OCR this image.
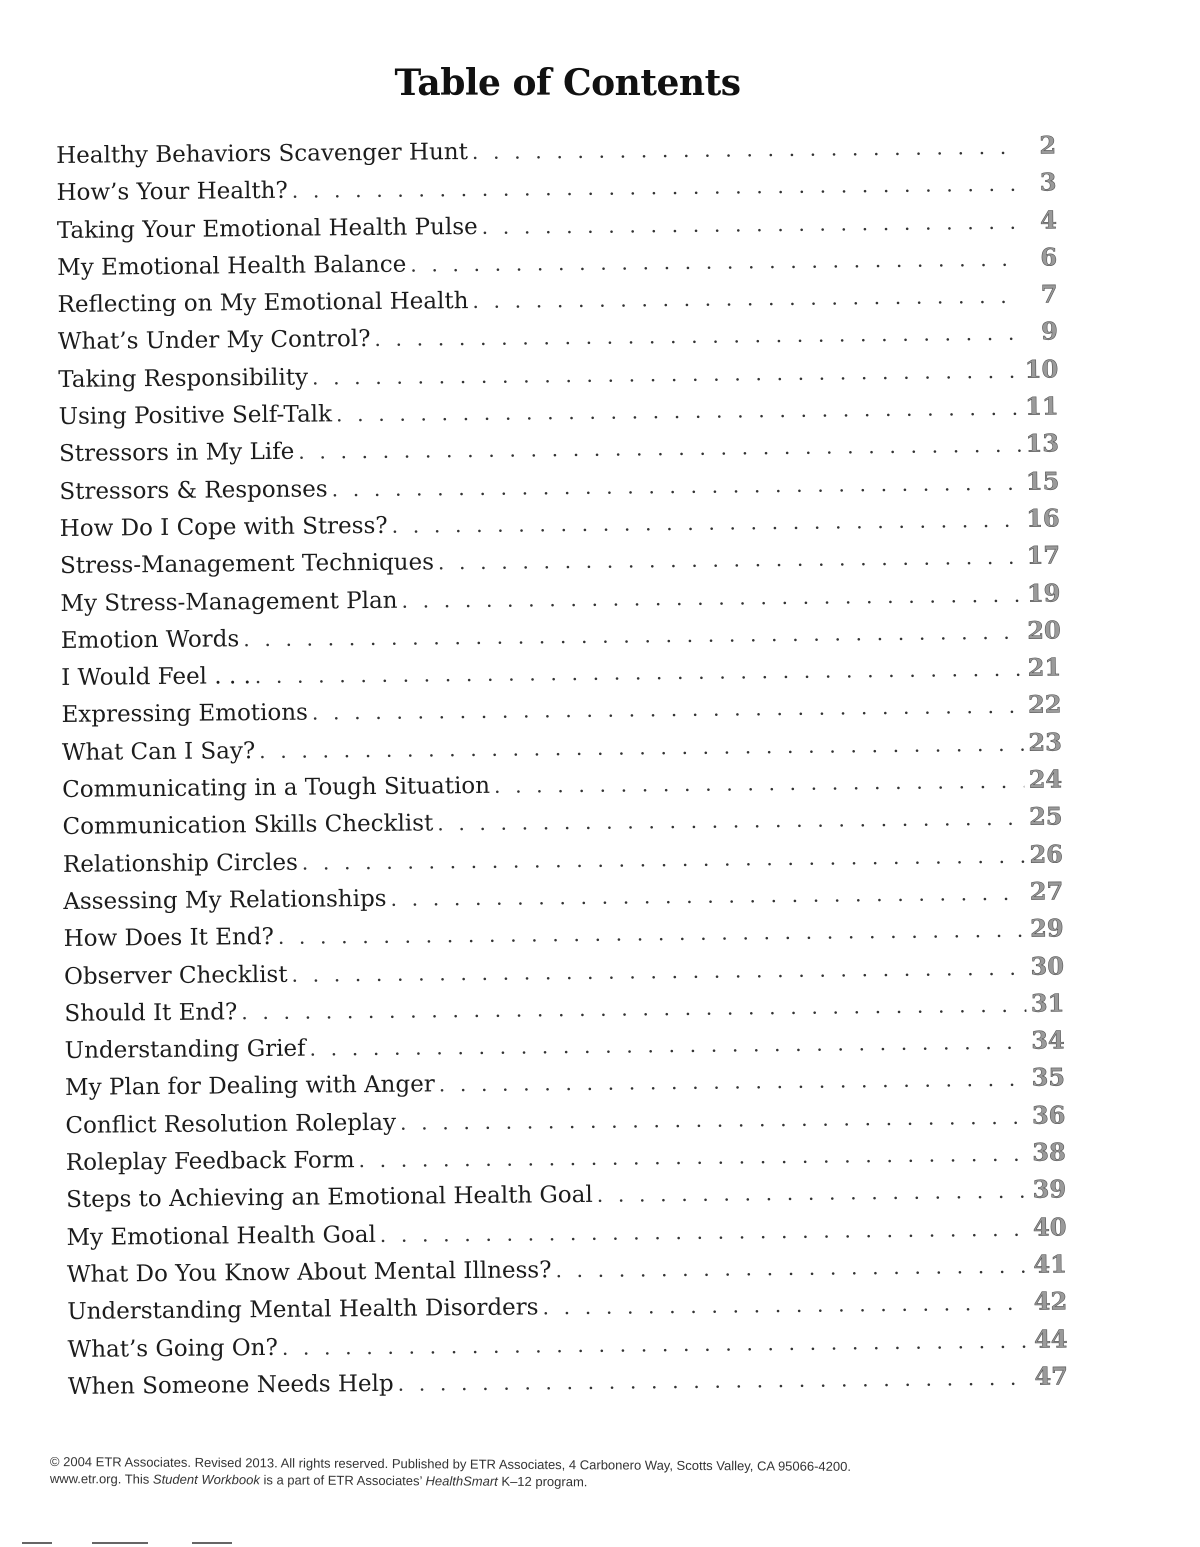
Table of Contents
Healthy Behaviors Scavenger Hunt . . .	2
How’s Your Health? . . .	3
Taking Your Emotional Health Pulse . . .	4
My Emotional Health Balance . . .	6
Reflecting on My Emotional Health . . .	7
What’s Under My Control? . . .	9
Taking Responsibility . . .	10
Using Positive Self-Talk . . .	11
Stressors in My Life . . .	13
Stressors & Responses . . .	15
How Do I Cope with Stress? . . .	16
Stress-Management Techniques . . .	17
My Stress-Management Plan . . .	19
Emotion Words . . .	20
I Would Feel . . . . . .	21
Expressing Emotions . . .	22
What Can I Say? . . .	23
Communicating in a Tough Situation . . .	24
Communication Skills Checklist . . .	25
Relationship Circles . . .	26
Assessing My Relationships . . .	27
How Does It End? . . .	29
Observer Checklist . . .	30
Should It End? . . .	31
Understanding Grief . . .	34
My Plan for Dealing with Anger . . .	35
Conflict Resolution Roleplay . . .	36
Roleplay Feedback Form . . .	38
Steps to Achieving an Emotional Health Goal . . .	39
My Emotional Health Goal . . .	40
What Do You Know About Mental Illness? . . .	41
Understanding Mental Health Disorders . . .	42
What’s Going On? . . .	44
When Someone Needs Help . . .	47
© 2004 ETR Associates. Revised 2013. All rights reserved. Published by ETR Associates, 4 Carbonero Way, Scotts Valley, CA 95066-4200.
www.etr.org. This Student Workbook is a part of ETR Associates’ HealthSmart K–12 program.
